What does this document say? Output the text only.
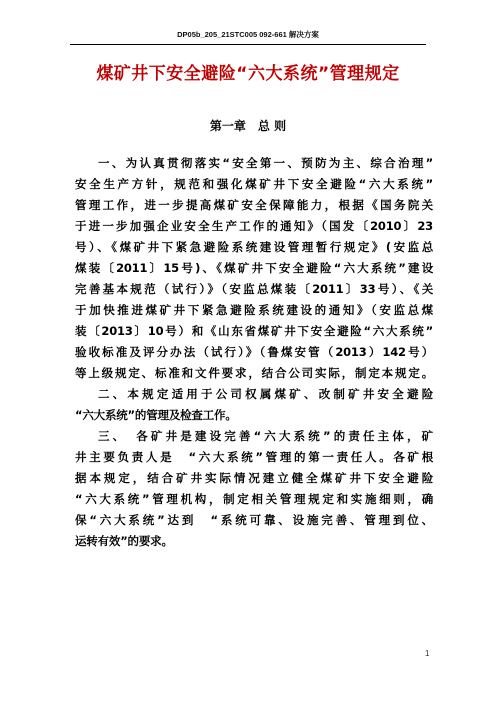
DP05b_205_21STC005 092-661 解决方案
煤矿井下安全避险“六大系统”管理规定
第一章　总 则
一、为认真贯彻落实“安全第一、预防为主、综合治理”
安全生产方针，规范和强化煤矿井下安全避险“六大系统”
管理工作，进一步提高煤矿安全保障能力，根据《国务院关
于进一步加强企业安全生产工作的通知》（国发〔2010〕23
号）、《煤矿井下紧急避险系统建设管理暂行规定》(安监总
煤装〔2011〕15号)、《煤矿井下安全避险“六大系统”建设
完善基本规范（试行）》（安监总煤装〔2011〕33号）、《关
于加快推进煤矿井下紧急避险系统建设的通知》（安监总煤
装〔2013〕10号）和《山东省煤矿井下安全避险“六大系统”
验收标准及评分办法（试行）》（鲁煤安管（2013）142号）
等上级规定、标准和文件要求，结合公司实际，制定本规定。
二、本规定适用于公司权属煤矿、改制矿井安全避险
“六大系统”的管理及检查工作。
三、　各矿井是建设完善“六大系统”的责任主体，矿
井主要负责人是　“六大系统”管理的第一责任人。各矿根
据本规定，结合矿井实际情况建立健全煤矿井下安全避险
“六大系统”管理机构，制定相关管理规定和实施细则，确
保“六大系统”达到　“系统可靠、设施完善、管理到位、
运转有效”的要求。
1
